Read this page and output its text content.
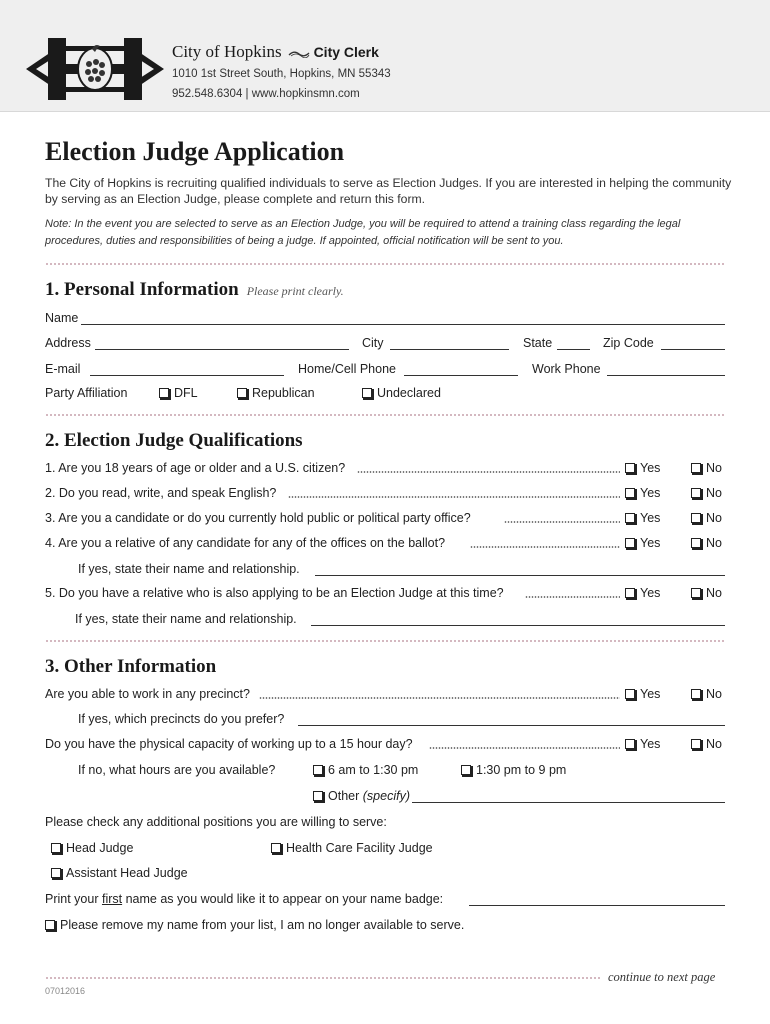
City of Hopkins City Clerk
1010 1st Street South, Hopkins, MN 55343
952.548.6304 | www.hopkinsmn.com
Election Judge Application
The City of Hopkins is recruiting qualified individuals to serve as Election Judges. If you are interested in helping the community by serving as an Election Judge, please complete and return this form.
Note: In the event you are selected to serve as an Election Judge, you will be required to attend a training class regarding the legal procedures, duties and responsibilities of being a judge. If appointed, official notification will be sent to you.
1. Personal Information Please print clearly.
Name
Address	City	State	Zip Code
E-mail	Home/Cell Phone	Work Phone
Party Affiliation	DFL	Republican	Undeclared
2. Election Judge Qualifications
1. Are you 18 years of age or older and a U.S. citizen?	Yes	No
2. Do you read, write, and speak English?	Yes	No
3. Are you a candidate or do you currently hold public or political party office?	Yes	No
4. Are you a relative of any candidate for any of the offices on the ballot?	Yes	No
If yes, state their name and relationship.
5. Do you have a relative who is also applying to be an Election Judge at this time?	Yes	No
If yes, state their name and relationship.
3. Other Information
Are you able to work in any precinct?	Yes	No
If yes, which precincts do you prefer?
Do you have the physical capacity of working up to a 15 hour day?	Yes	No
If no, what hours are you available?	6 am to 1:30 pm	1:30 pm to 9 pm
Other (specify)
Please check any additional positions you are willing to serve:
Head Judge	Health Care Facility Judge
Assistant Head Judge
Print your first name as you would like it to appear on your name badge:
Please remove my name from your list, I am no longer available to serve.
continue to next page
07012016
